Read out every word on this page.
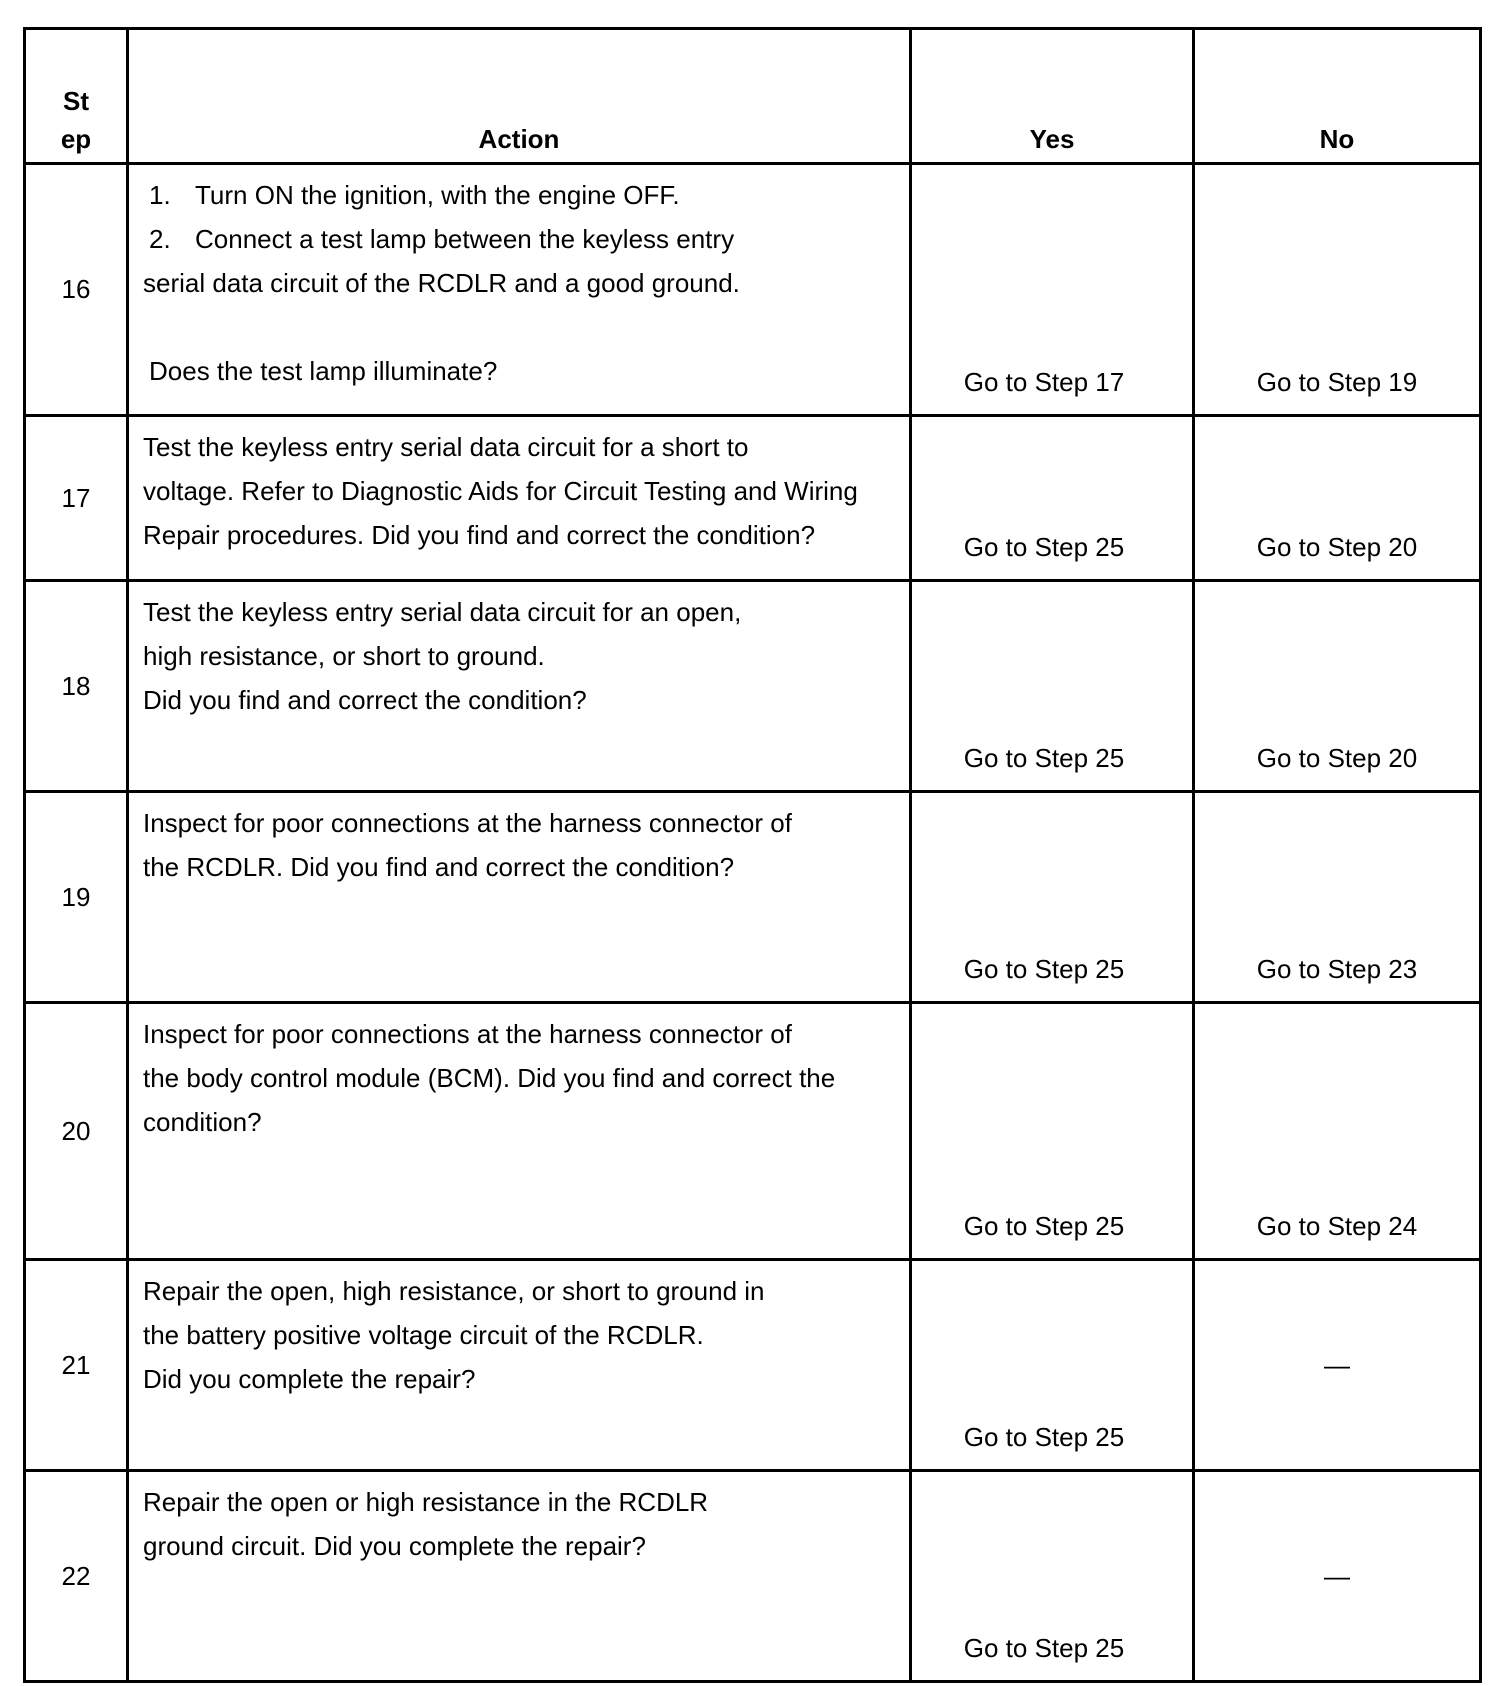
St
ep	Action	Yes	No
16	1. Turn ON the ignition, with the engine OFF.
2. Connect a test lamp between the keyless entry
serial data circuit of the RCDLR and a good ground.
Does the test lamp illuminate?	Go to Step 17	Go to Step 19
17	Test the keyless entry serial data circuit for a short to
voltage. Refer to Diagnostic Aids for Circuit Testing and Wiring
Repair procedures. Did you find and correct the condition?	Go to Step 25	Go to Step 20
18	Test the keyless entry serial data circuit for an open,
high resistance, or short to ground.
Did you find and correct the condition?	Go to Step 25	Go to Step 20
19	Inspect for poor connections at the harness connector of
the RCDLR. Did you find and correct the condition?	Go to Step 25	Go to Step 23
20	Inspect for poor connections at the harness connector of
the body control module (BCM). Did you find and correct the
condition?	Go to Step 25	Go to Step 24
21	Repair the open, high resistance, or short to ground in
the battery positive voltage circuit of the RCDLR.
Did you complete the repair?	Go to Step 25	—
22	Repair the open or high resistance in the RCDLR
ground circuit. Did you complete the repair?	Go to Step 25	—
